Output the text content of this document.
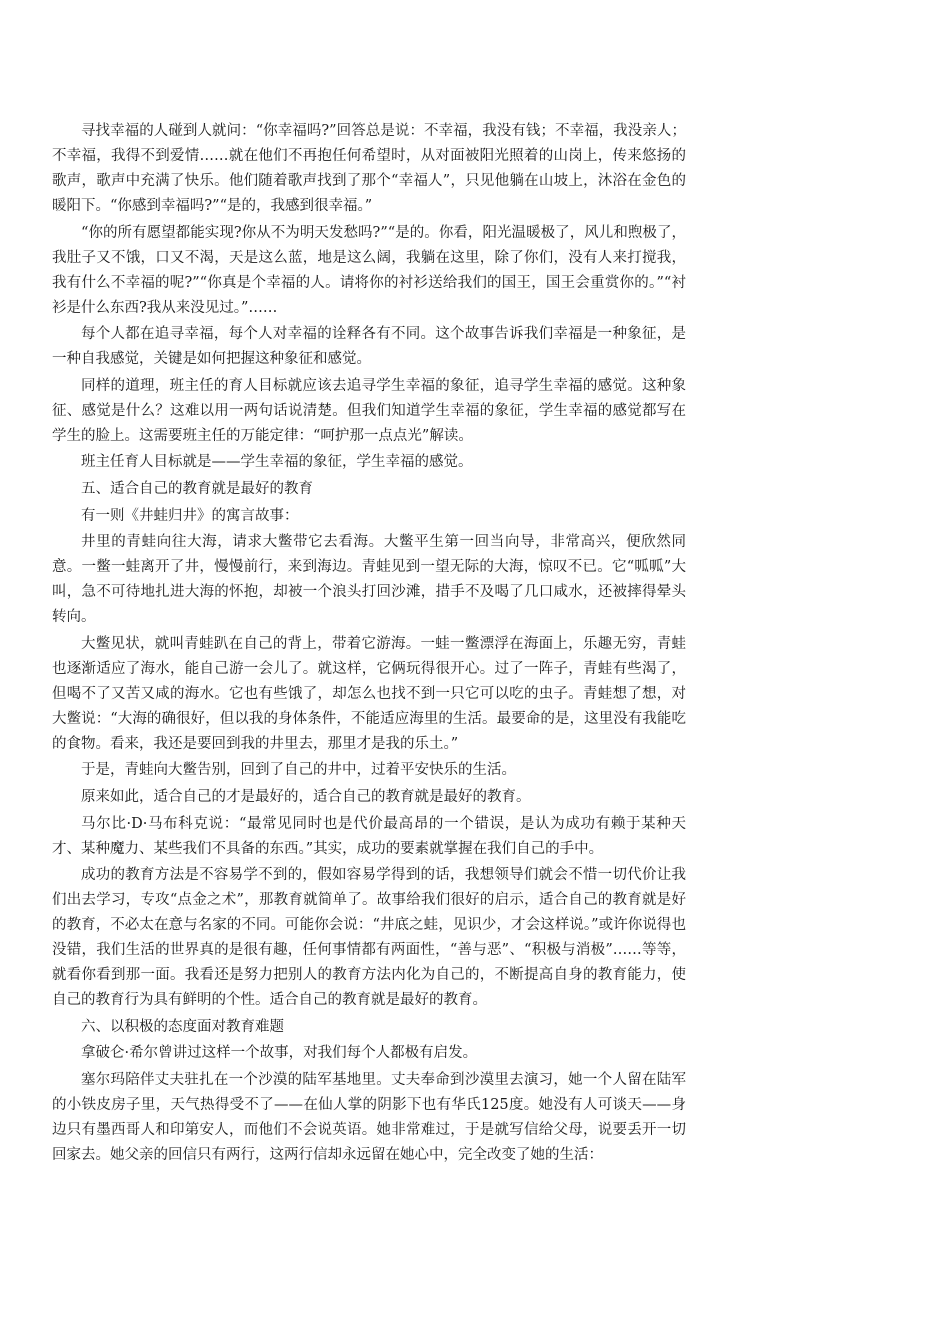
寻找幸福的人碰到人就问：“你幸福吗?”回答总是说：不幸福，我没有钱；不幸福，我没亲人；不幸福，我得不到爱情……就在他们不再抱任何希望时，从对面被阳光照着的山岗上，传来悠扬的歌声，歌声中充满了快乐。他们随着歌声找到了那个“幸福人”，只见他躺在山坡上，沐浴在金色的暖阳下。“你感到幸福吗?”“是的，我感到很幸福。”

“你的所有愿望都能实现?你从不为明天发愁吗?”“是的。你看，阳光温暖极了，风儿和煦极了，我肚子又不饿，口又不渴，天是这么蓝，地是这么阔，我躺在这里，除了你们，没有人来打搅我，我有什么不幸福的呢?”“你真是个幸福的人。请将你的衬衫送给我们的国王，国王会重赏你的。”“衬衫是什么东西?我从来没见过。”……

每个人都在追寻幸福，每个人对幸福的诠释各有不同。这个故事告诉我们幸福是一种象征，是一种自我感觉，关键是如何把握这种象征和感觉。

同样的道理，班主任的育人目标就应该去追寻学生幸福的象征，追寻学生幸福的感觉。这种象征、感觉是什么？这难以用一两句话说清楚。但我们知道学生幸福的象征，学生幸福的感觉都写在学生的脸上。这需要班主任的万能定律：“呵护那一点点光”解读。

班主任育人目标就是——学生幸福的象征，学生幸福的感觉。

五、适合自己的教育就是最好的教育

有一则《井蛙归井》的寓言故事：

井里的青蛙向往大海，请求大鳖带它去看海。大鳖平生第一回当向导，非常高兴，便欣然同意。一鳖一蛙离开了井，慢慢前行，来到海边。青蛙见到一望无际的大海，惊叹不已。它“呱呱”大叫，急不可待地扎进大海的怀抱，却被一个浪头打回沙滩，措手不及喝了几口咸水，还被摔得晕头转向。

大鳖见状，就叫青蛙趴在自己的背上，带着它游海。一蛙一鳖漂浮在海面上，乐趣无穷，青蛙也逐渐适应了海水，能自己游一会儿了。就这样，它俩玩得很开心。过了一阵子，青蛙有些渴了，但喝不了又苦又咸的海水。它也有些饿了，却怎么也找不到一只它可以吃的虫子。青蛙想了想，对大鳖说：“大海的确很好，但以我的身体条件，不能适应海里的生活。最要命的是，这里没有我能吃的食物。看来，我还是要回到我的井里去，那里才是我的乐土。”

于是，青蛙向大鳖告别，回到了自己的井中，过着平安快乐的生活。

原来如此，适合自己的才是最好的，适合自己的教育就是最好的教育。

马尔比·D·马布科克说：“最常见同时也是代价最高昂的一个错误，是认为成功有赖于某种天才、某种魔力、某些我们不具备的东西。”其实，成功的要素就掌握在我们自己的手中。

成功的教育方法是不容易学不到的，假如容易学得到的话，我想领导们就会不惜一切代价让我们出去学习，专攻“点金之术”，那教育就简单了。故事给我们很好的启示，适合自己的教育就是好的教育，不必太在意与名家的不同。可能你会说：“井底之蛙，见识少，才会这样说。”或许你说得也没错，我们生活的世界真的是很有趣，任何事情都有两面性，“善与恶”、“积极与消极”……等等，就看你看到那一面。我看还是努力把别人的教育方法内化为自己的，不断提高自身的教育能力，使自己的教育行为具有鲜明的个性。适合自己的教育就是最好的教育。

六、以积极的态度面对教育难题

拿破仑·希尔曾讲过这样一个故事，对我们每个人都极有启发。

塞尔玛陪伴丈夫驻扎在一个沙漠的陆军基地里。丈夫奉命到沙漠里去演习，她一个人留在陆军的小铁皮房子里，天气热得受不了——在仙人掌的阴影下也有华氏125度。她没有人可谈天——身边只有墨西哥人和印第安人，而他们不会说英语。她非常难过，于是就写信给父母，说要丢开一切回家去。她父亲的回信只有两行，这两行信却永远留在她心中，完全改变了她的生活：
